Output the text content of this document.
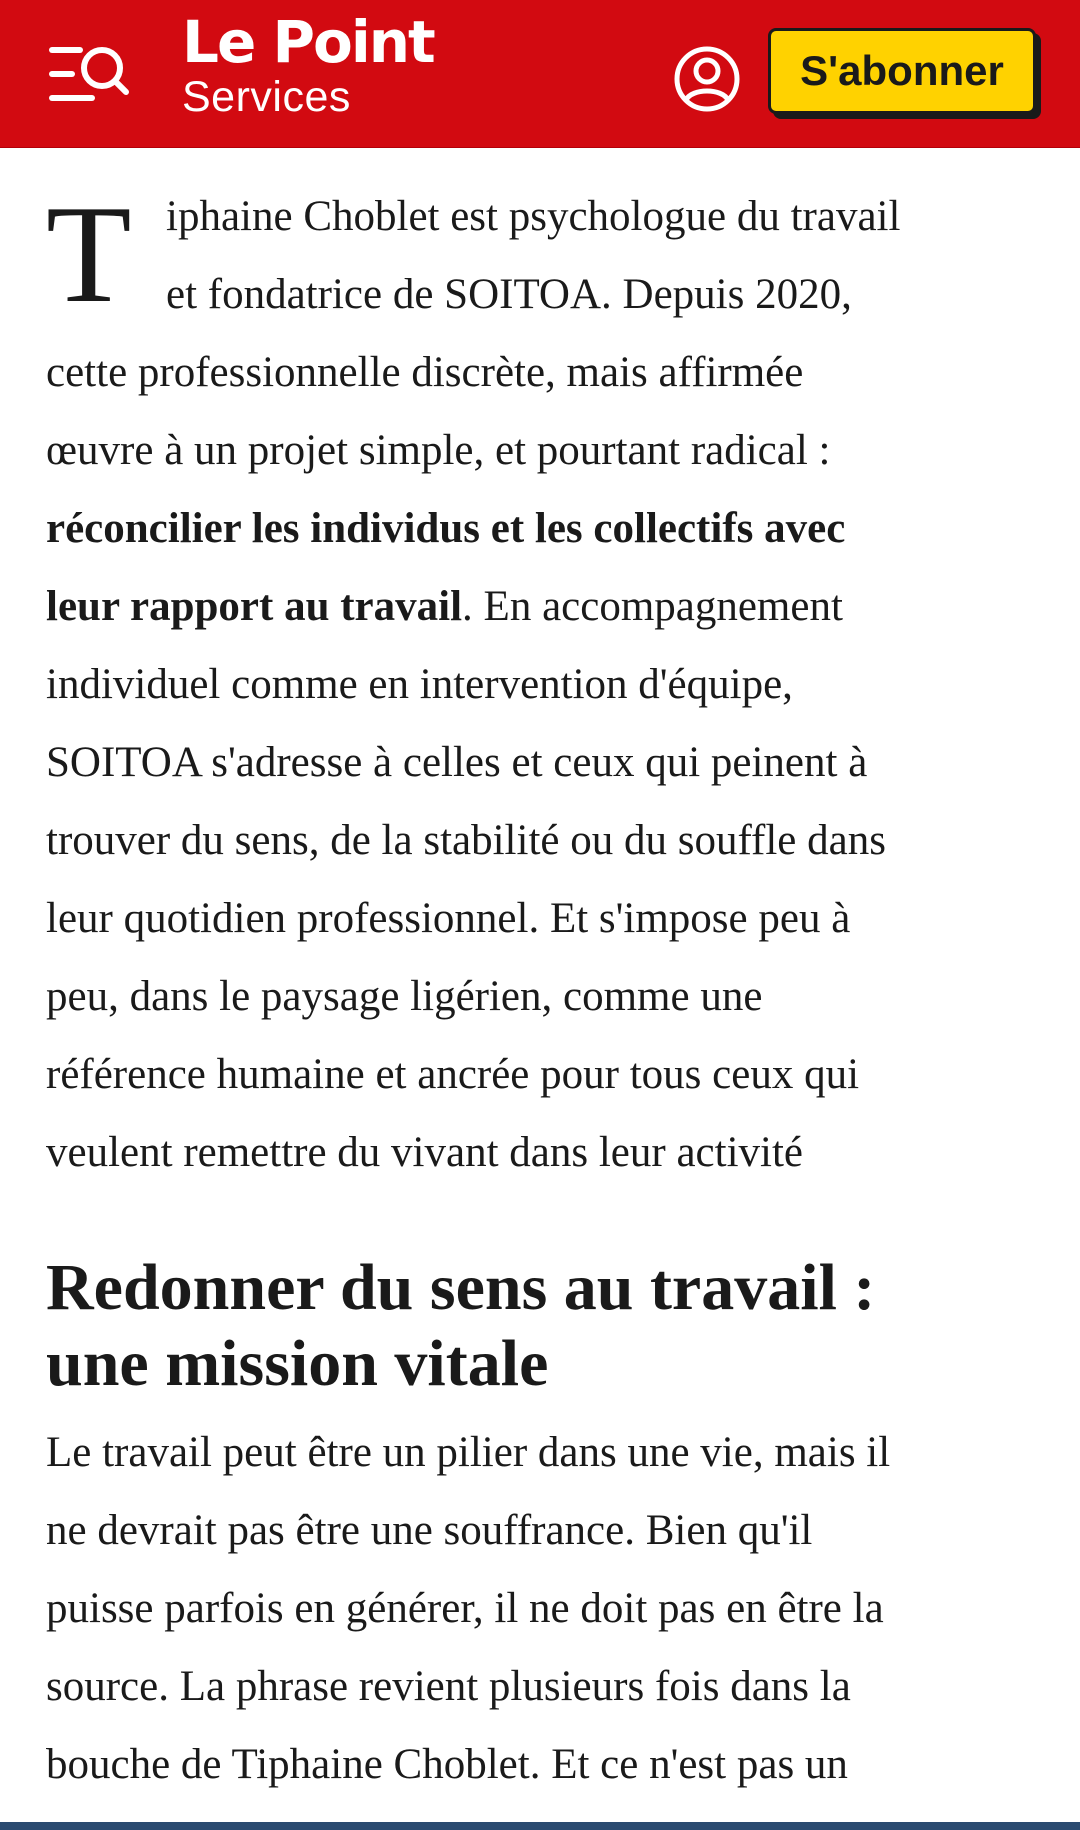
Le Point
Services
S'abonner
T iphaine Choblet est psychologue du travail
et fondatrice de SOITOA. Depuis 2020,
cette professionnelle discrète, mais affirmée
œuvre à un projet simple, et pourtant radical :
réconcilier les individus et les collectifs avec
leur rapport au travail. En accompagnement
individuel comme en intervention d'équipe,
SOITOA s'adresse à celles et ceux qui peinent à
trouver du sens, de la stabilité ou du souffle dans
leur quotidien professionnel. Et s'impose peu à
peu, dans le paysage ligérien, comme une
référence humaine et ancrée pour tous ceux qui
veulent remettre du vivant dans leur activité
Redonner du sens au travail :
une mission vitale
Le travail peut être un pilier dans une vie, mais il
ne devrait pas être une souffrance. Bien qu'il
puisse parfois en générer, il ne doit pas en être la
source. La phrase revient plusieurs fois dans la
bouche de Tiphaine Choblet. Et ce n'est pas un
